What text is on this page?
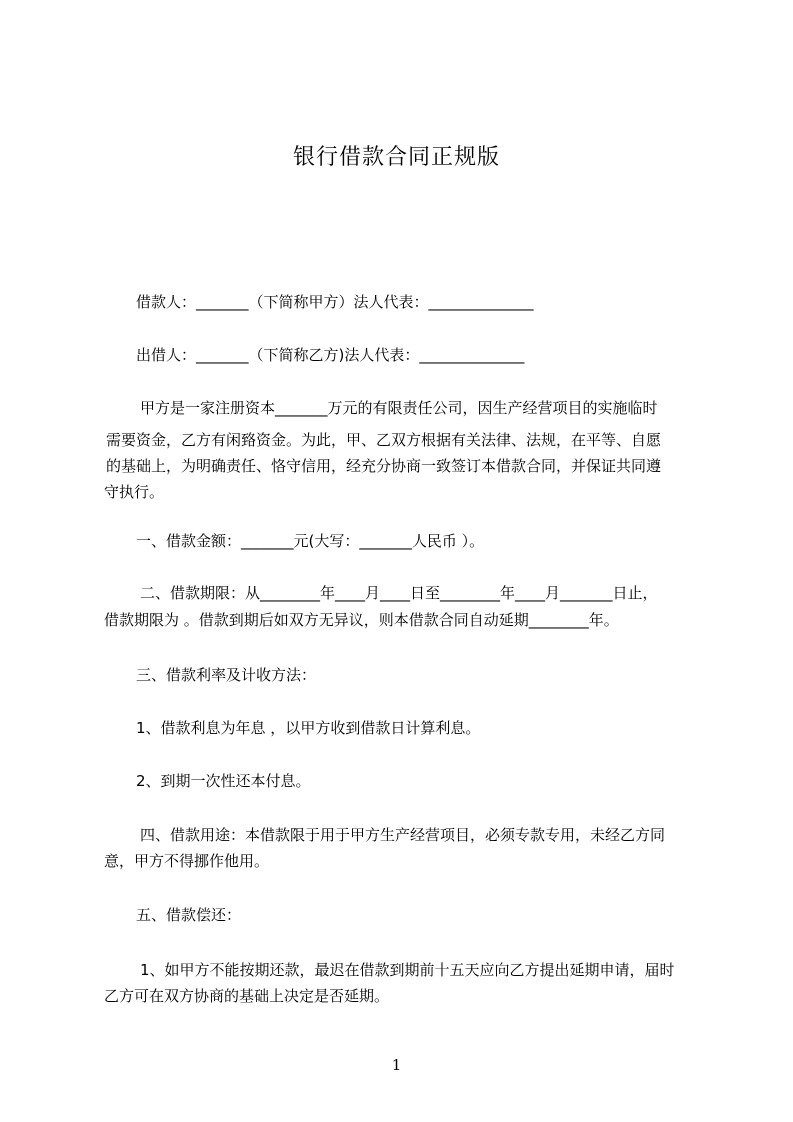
银行借款合同正规版
借款人：_______（下简称甲方）法人代表：______________
出借人：_______（下简称乙方)法人代表：______________
甲方是一家注册资本_______万元的有限责任公司，因生产经营项目的实施临时
需要资金，乙方有闲臵资金。为此，甲、乙双方根据有关法律、法规，在平等、自愿
的基础上，为明确责任、恪守信用，经充分协商一致签订本借款合同，并保证共同遵
守执行。
一、借款金额：_______元(大写：_______人民币 ）。
二、借款期限：从________年____月____日至________年____月_______日止，
借款期限为 。借款到期后如双方无异议，则本借款合同自动延期________年。
三、借款利率及计收方法：
1、借款利息为年息 ，以甲方收到借款日计算利息。
2、到期一次性还本付息。
四、借款用途：本借款限于用于甲方生产经营项目，必须专款专用，未经乙方同
意，甲方不得挪作他用。
五、借款偿还：
1、如甲方不能按期还款，最迟在借款到期前十五天应向乙方提出延期申请，届时
乙方可在双方协商的基础上决定是否延期。
1
